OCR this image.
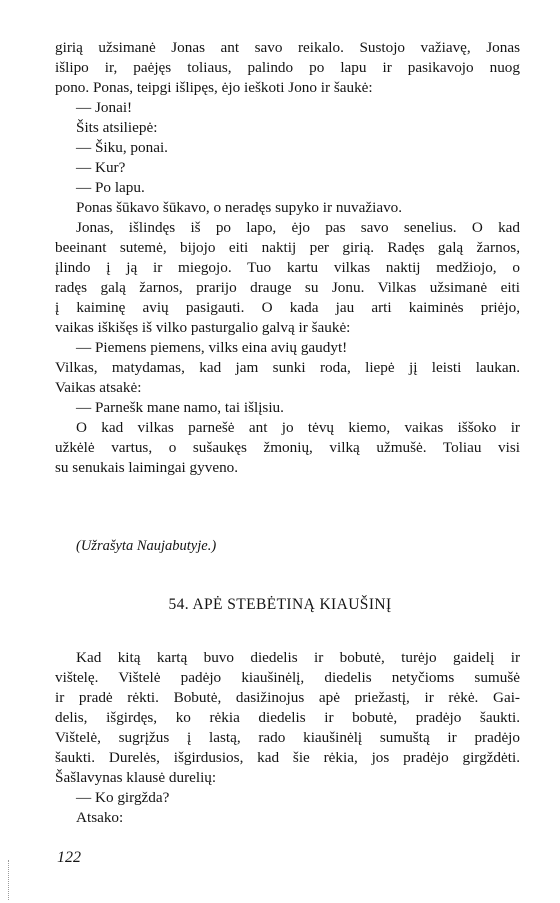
girią užsimanė Jonas ant savo reikalo. Sustojo važiavę, Jonas
išlipo ir, paėjęs toliaus, palindo po lapu ir pasikavojo nuog
pono. Ponas, teipgi išlipęs, ėjo ieškoti Jono ir šaukė:
— Jonai!
Šits atsiliepė:
— Šiku, ponai.
— Kur?
— Po lapu.
Ponas šūkavo šūkavo, o neradęs supyko ir nuvažiavo.
Jonas, išlindęs iš po lapo, ėjo pas savo senelius. O kad
beeinant sutemė, bijojo eiti naktij per girią. Radęs galą žarnos,
įlindo į ją ir miegojo. Tuo kartu vilkas naktij medžiojo, o
radęs galą žarnos, prarijo drauge su Jonu. Vilkas užsimanė eiti
į kaiminę avių pasigauti. O kada jau arti kaiminės priėjo,
vaikas iškišęs iš vilko pasturgalio galvą ir šaukė:
— Piemens piemens, vilks eina avių gaudyt!
Vilkas, matydamas, kad jam sunki roda, liepė jį leisti laukan.
Vaikas atsakė:
— Parnešk mane namo, tai išlįsiu.
O kad vilkas parnešė ant jo tėvų kiemo, vaikas iššoko ir
užkėlė vartus, o sušaukęs žmonių, vilką užmušė. Toliau visi
su senukais laimingai gyveno.
(Užrašyta Naujabutyje.)
54. APĖ STEBĖTINĄ KIAUŠINĮ
Kad kitą kartą buvo diedelis ir bobutė, turėjo gaidelį ir
vištelę. Vištelė padėjo kiaušinėlį, diedelis netyčioms sumušė
ir pradė rėkti. Bobutė, dasižinojus apė priežastį, ir rėkė. Gai-
delis, išgirdęs, ko rėkia diedelis ir bobutė, pradėjo šaukti.
Vištelė, sugrįžus į lastą, rado kiaušinėlį sumuštą ir pradėjo
šaukti. Durelės, išgirdusios, kad šie rėkia, jos pradėjo girgždėti.
Šašlavynas klausė durelių:
— Ko girgžda?
Atsako:
122
